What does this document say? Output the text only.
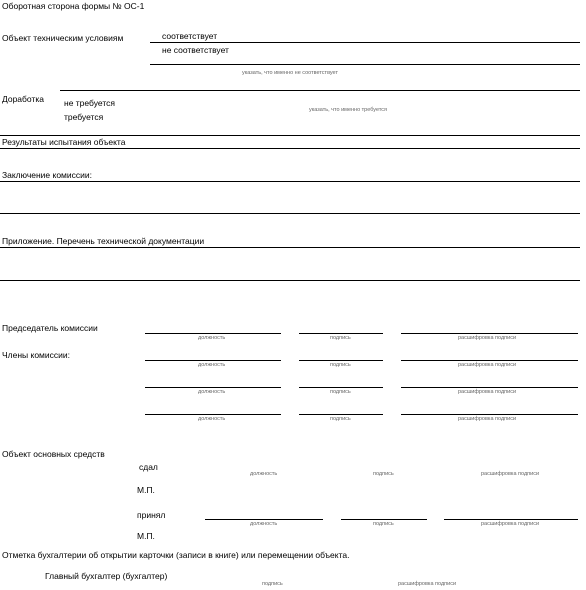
Оборотная сторона формы № ОС-1
Объект техническим условиям	соответствует
не соответствует
указать, что именно не соответствует
Доработка не требуется
указать, что именно требуется
требуется
Результаты испытания объекта
Заключение комиссии:
Приложение. Перечень технической документации
Председатель комиссии
должность	подпись	расшифровка подписи
Члены комиссии:
должность	подпись	расшифровка подписи
должность	подпись	расшифровка подписи
должность	подпись	расшифровка подписи
Объект основных средств
сдал
должность	подпись	расшифровка подписи
М.П.
принял
должность	подпись	расшифровка подписи
М.П.
Отметка бухгалтерии об открытии карточки (записи в книге) или перемещении объекта.
Главный бухгалтер (бухгалтер)
подпись	расшифровка подписи
